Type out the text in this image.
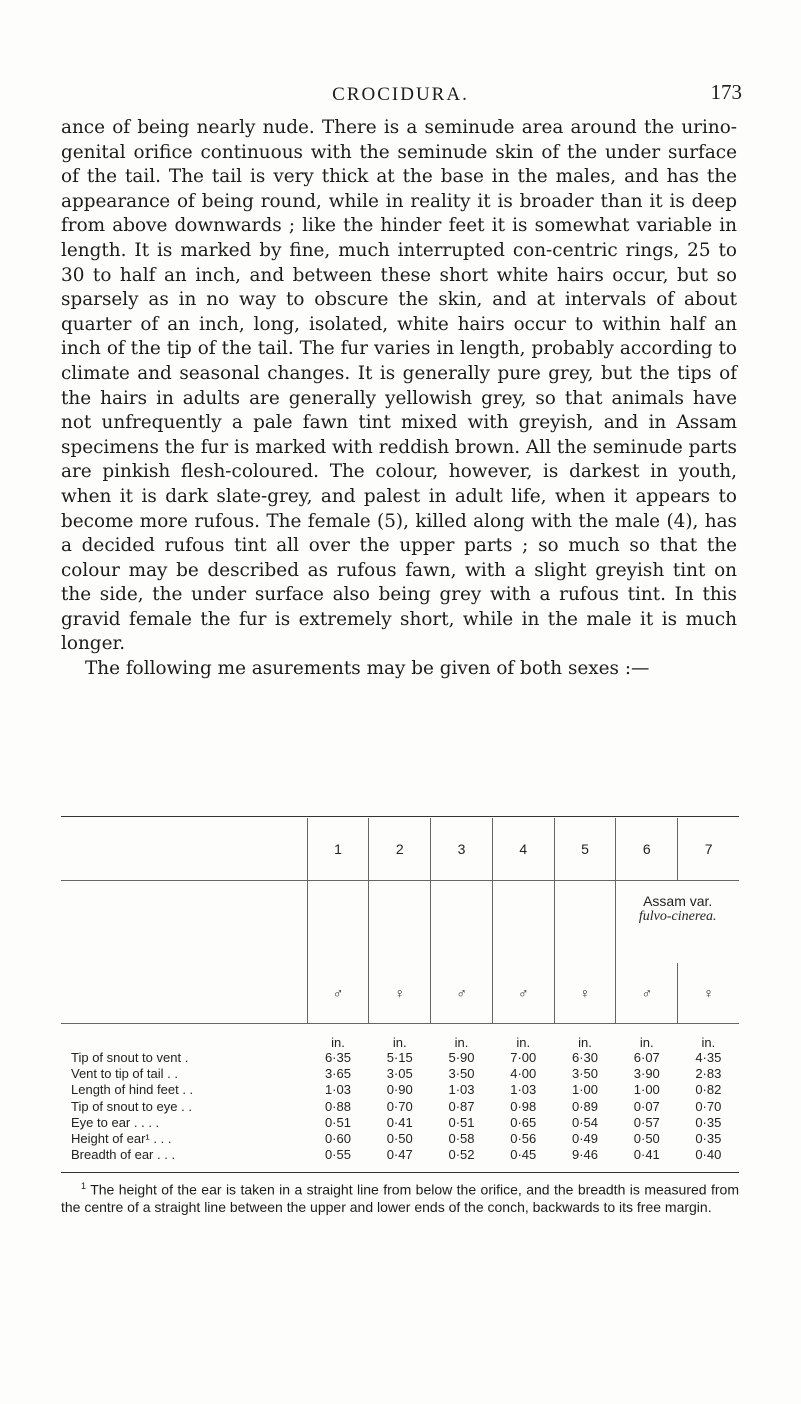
CROCIDURA.	173

ance of being nearly nude. There is a seminude area around the urino-genital orifice continuous with the seminude skin of the under surface of the tail. The tail is very thick at the base in the males, and has the appearance of being round, while in reality it is broader than it is deep from above downwards ; like the hinder feet it is somewhat variable in length. It is marked by fine, much interrupted con-centric rings, 25 to 30 to half an inch, and between these short white hairs occur, but so sparsely as in no way to obscure the skin, and at intervals of about quarter of an inch, long, isolated, white hairs occur to within half an inch of the tip of the tail. The fur varies in length, probably according to climate and seasonal changes. It is generally pure grey, but the tips of the hairs in adults are generally yellowish grey, so that animals have not unfrequently a pale fawn tint mixed with greyish, and in Assam specimens the fur is marked with reddish brown. All the seminude parts are pinkish flesh-coloured. The colour, however, is darkest in youth, when it is dark slate-grey, and palest in adult life, when it appears to become more rufous. The female (5), killed along with the male (4), has a decided rufous tint all over the upper parts ; so much so that the colour may be described as rufous fawn, with a slight greyish tint on the side, the under surface also being grey with a rufous tint. In this gravid female the fur is extremely short, while in the male it is much longer.

The following me asurements may be given of both sexes :—

	1	2	3	4	5	6	7

						Assam var.
fulvo-cinerea.	

	♂	♀	♂	♂	♀	♂	♀
	in.	in.	in.	in.	in.	in.	in.
Tip of snout to vent .	6·35	5·15	5·90	7·00	6·30	6·07	4·35
Vent to tip of tail . .	3·65	3·05	3·50	4·00	3·50	3·90	2·83
Length of hind feet . .	1·03	0·90	1·03	1·03	1·00	1·00	0·82
Tip of snout to eye . .	0·88	0·70	0·87	0·98	0·89	0·07	0·70
Eye to ear . . . .	0·51	0·41	0·51	0·65	0·54	0·57	0·35
Height of ear¹ . . .	0·60	0·50	0·58	0·56	0·49	0·50	0·35
Breadth of ear . . .	0·55	0·47	0·52	0·45	9·46	0·41	0·40
$^1$ The height of the ear is taken in a straight line from below the orifice, and the breadth is measured from the centre of a straight line between the upper and lower ends of the conch, backwards to its free margin.
